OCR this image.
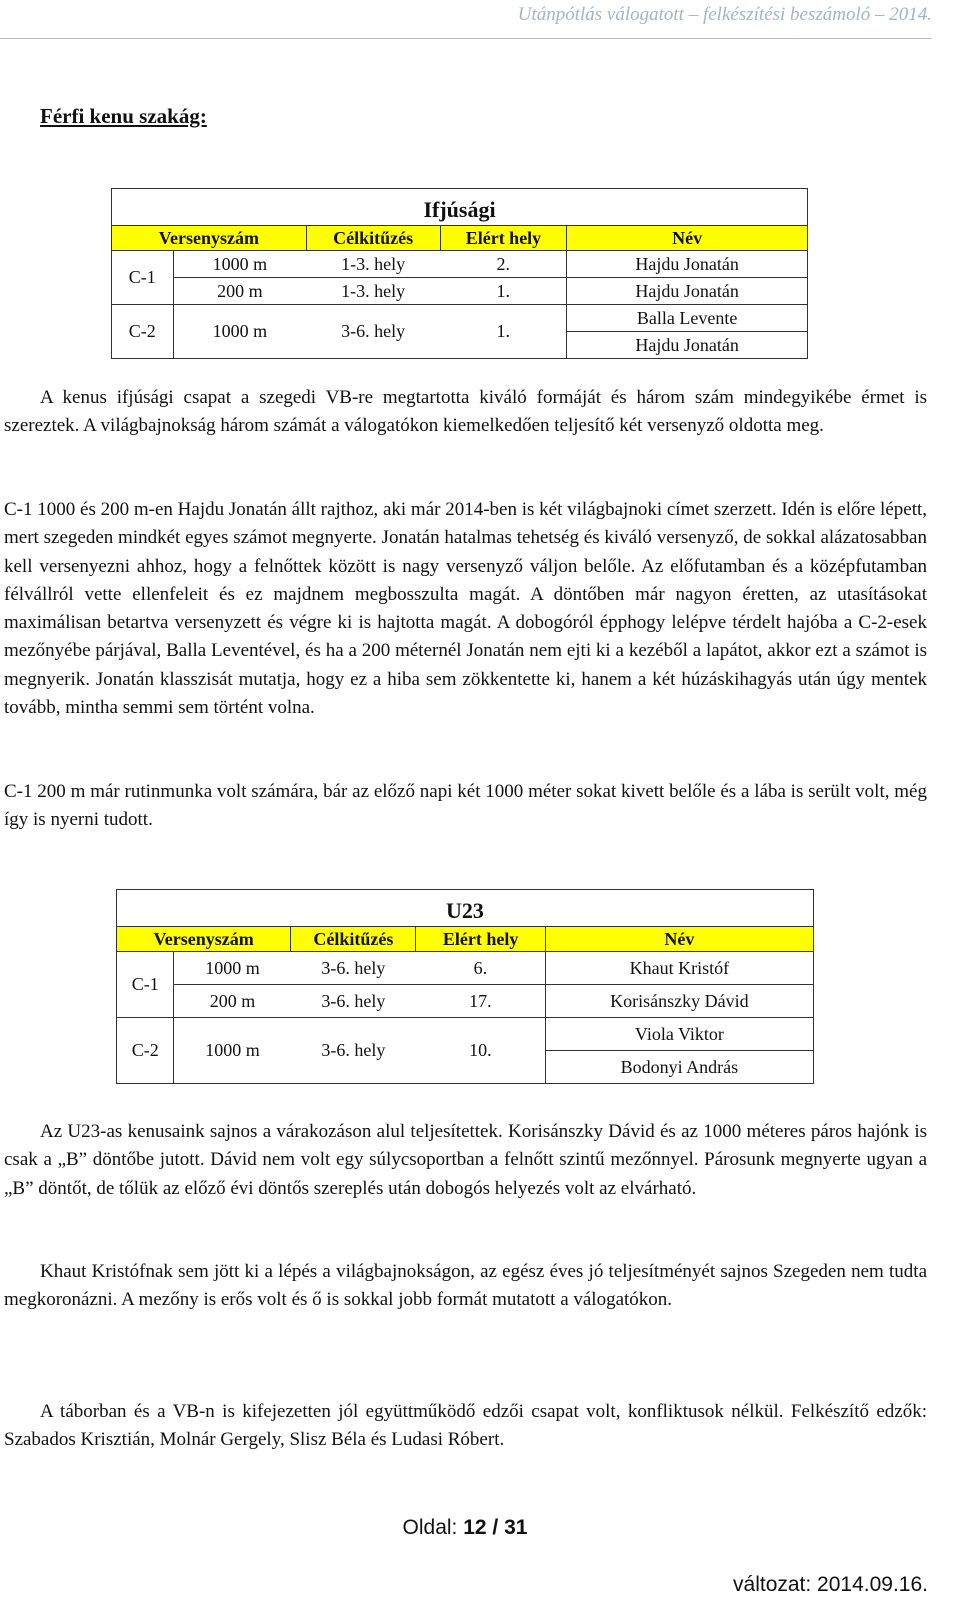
Utánpótlás válogatott – felkészítési beszámoló – 2014.
Férfi kenu szakág:
Ifjúsági				
Versenyszám		Célkitűzés	Elért hely	Név
C-1	1000 m	1-3. hely	2.	Hajdu Jonatán
	200 m	1-3. hely	1.	Hajdu Jonatán
C-2	1000 m	3-6. hely	1.	Balla Levente
				Hajdu Jonatán

A kenus ifjúsági csapat a szegedi VB-re megtartotta kiváló formáját és három szám mindegyikébe érmet is szereztek. A világbajnokság három számát a válogatókon kiemelkedően teljesítő két versenyző oldotta meg.

C-1 1000 és 200 m-en Hajdu Jonatán állt rajthoz, aki már 2014-ben is két világbajnoki címet szerzett. Idén is előre lépett, mert szegeden mindkét egyes számot megnyerte. Jonatán hatalmas tehetség és kiváló versenyző, de sokkal alázatosabban kell versenyezni ahhoz, hogy a felnőttek között is nagy versenyző váljon belőle. Az előfutamban és a középfutamban félvállról vette ellenfeleit és ez majdnem megbosszulta magát. A döntőben már nagyon éretten, az utasításokat maximálisan betartva versenyzett és végre ki is hajtotta magát. A dobogóról épphogy lelépve térdelt hajóba a C-2-esek mezőnyébe párjával, Balla Leventével, és ha a 200 méternél Jonatán nem ejti ki a kezéből a lapátot, akkor ezt a számot is megnyerik. Jonatán klasszisát mutatja, hogy ez a hiba sem zökkentette ki, hanem a két húzáskihagyás után úgy mentek tovább, mintha semmi sem történt volna.

C-1 200 m már rutinmunka volt számára, bár az előző napi két 1000 méter sokat kivett belőle és a lába is serült volt, még így is nyerni tudott.

U23				
Versenyszám		Célkitűzés	Elért hely	Név
C-1	1000 m	3-6. hely	6.	Khaut Kristóf
	200 m	3-6. hely	17.	Korisánszky Dávid
C-2	1000 m	3-6. hely	10.	Viola Viktor
				Bodonyi András

Az U23-as kenusaink sajnos a várakozáson alul teljesítettek. Korisánszky Dávid és az 1000 méteres páros hajónk is csak a „B” döntőbe jutott. Dávid nem volt egy súlycsoportban a felnőtt szintű mezőnnyel. Párosunk megnyerte ugyan a „B” döntőt, de tőlük az előző évi döntős szereplés után dobogós helyezés volt az elvárható.

Khaut Kristófnak sem jött ki a lépés a világbajnokságon, az egész éves jó teljesítményét sajnos Szegeden nem tudta megkoronázni. A mezőny is erős volt és ő is sokkal jobb formát mutatott a válogatókon.

A táborban és a VB-n is kifejezetten jól együttműködő edzői csapat volt, konfliktusok nélkül. Felkészítő edzők: Szabados Krisztián, Molnár Gergely, Slisz Béla és Ludasi Róbert.

Oldal: 12 / 31
változat: 2014.09.16.
